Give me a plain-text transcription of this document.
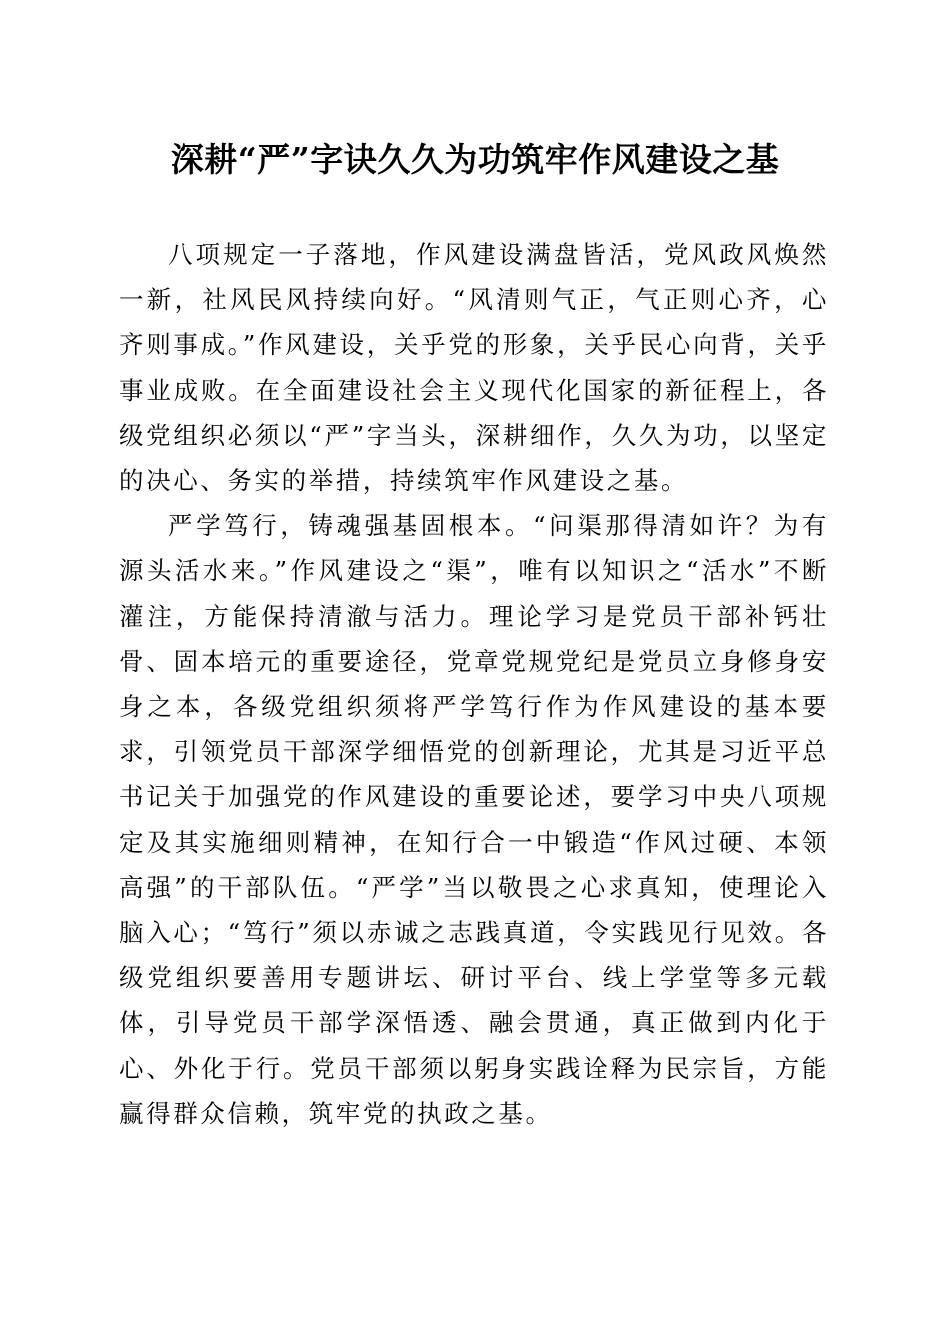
深耕“严”字诀久久为功筑牢作风建设之基

八项规定一子落地，作风建设满盘皆活，党风政风焕然一新，社风民风持续向好。“风清则气正，气正则心齐，心齐则事成。”作风建设，关乎党的形象，关乎民心向背，关乎事业成败。在全面建设社会主义现代化国家的新征程上，各级党组织必须以“严”字当头，深耕细作，久久为功，以坚定的决心、务实的举措，持续筑牢作风建设之基。

严学笃行，铸魂强基固根本。“问渠那得清如许？为有源头活水来。”作风建设之“渠”，唯有以知识之“活水”不断灌注，方能保持清澈与活力。理论学习是党员干部补钙壮骨、固本培元的重要途径，党章党规党纪是党员立身修身安身之本，各级党组织须将严学笃行作为作风建设的基本要求，引领党员干部深学细悟党的创新理论，尤其是习近平总书记关于加强党的作风建设的重要论述，要学习中央八项规定及其实施细则精神，在知行合一中锻造“作风过硬、本领高强”的干部队伍。“严学”当以敬畏之心求真知，使理论入脑入心；“笃行”须以赤诚之志践真道，令实践见行见效。各级党组织要善用专题讲坛、研讨平台、线上学堂等多元载体，引导党员干部学深悟透、融会贯通，真正做到内化于心、外化于行。党员干部须以躬身实践诠释为民宗旨，方能赢得群众信赖，筑牢党的执政之基。
